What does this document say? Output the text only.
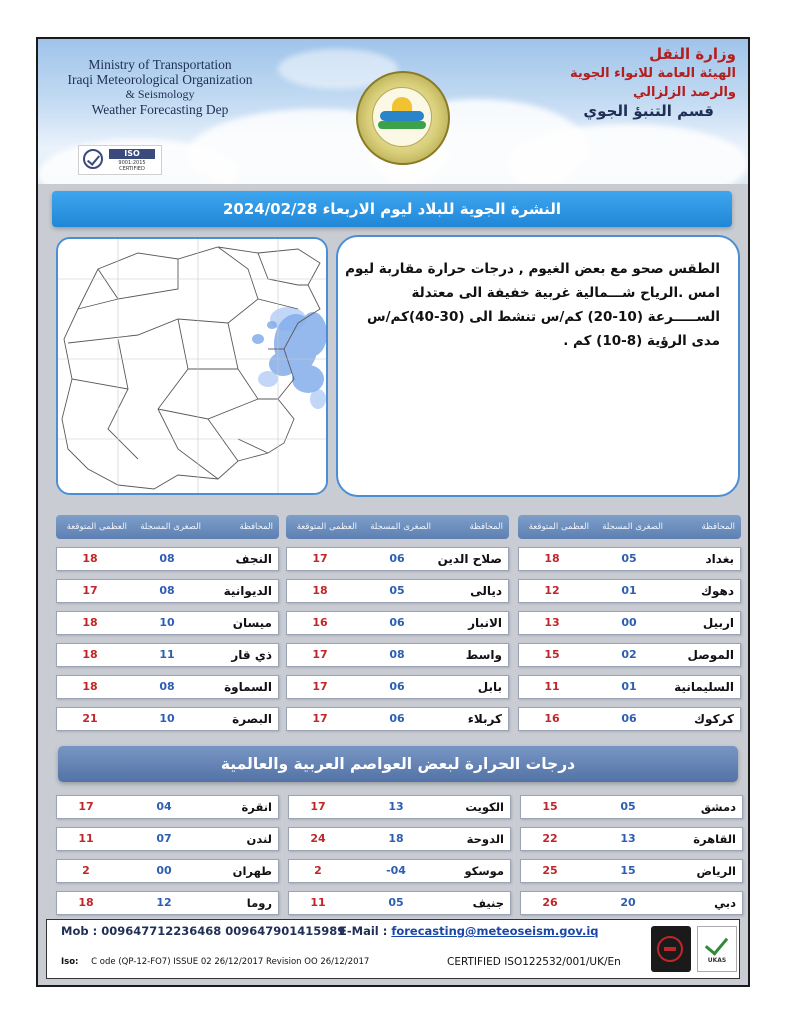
Ministry of Transportation
Iraqi Meteorological Organization
& Seismology
Weather Forecasting Dep
وزارة النقل
الهيئة العامة للانواء الجوية
والرصد الزلزالي
قسم التنبؤ الجوي
ISO
9001:2015 CERTIFIED
النشرة الجوية للبلاد ليوم الاربعاء 2024/02/28
الطقس صحو مع بعض الغيوم , درجات حرارة مقاربة ليوم
امس .الرياح شـــمالية غربية خفيفة الى معتدلة
الســـــرعة (10-20) كم/س تنشط الى (30-40)كم/س
مدى الرؤية (8-10) كم .
المحافظة
الصغرى المسجلة
العظمى المتوقعة
بغداد
05
18
دهوك
01
12
اربيل
00
13
الموصل
02
15
السليمانية
01
11
كركوك
06
16
المحافظة
الصغرى المسجلة
العظمى المتوقعة
صلاح الدين
06
17
ديالى
05
18
الانبار
06
16
واسط
08
17
بابل
06
17
كربلاء
06
17
المحافظة
الصغرى المسجلة
العظمى المتوقعة
النجف
08
18
الديوانية
08
17
ميسان
10
18
ذي قار
11
18
السماوة
08
18
البصرة
10
21
درجات الحرارة لبعض العواصم العربية والعالمية
دمشق
05
15
القاهرة
13
22
الرياض
15
25
دبي
20
26
الكويت
13
17
الدوحة
18
24
موسكو
-04
2
جنيف
05
11
انقرة
04
17
لندن
07
11
طهران
00
2
روما
12
18
Mob : 009647712236468 009647901415989
E-Mail : forecasting@meteoseism.gov.iq
Iso: C ode (QP-12-FO7) ISSUE 02 26/12/2017 Revision OO 26/12/2017	CERTIFIED ISO122532/001/UK/En	UKAS
